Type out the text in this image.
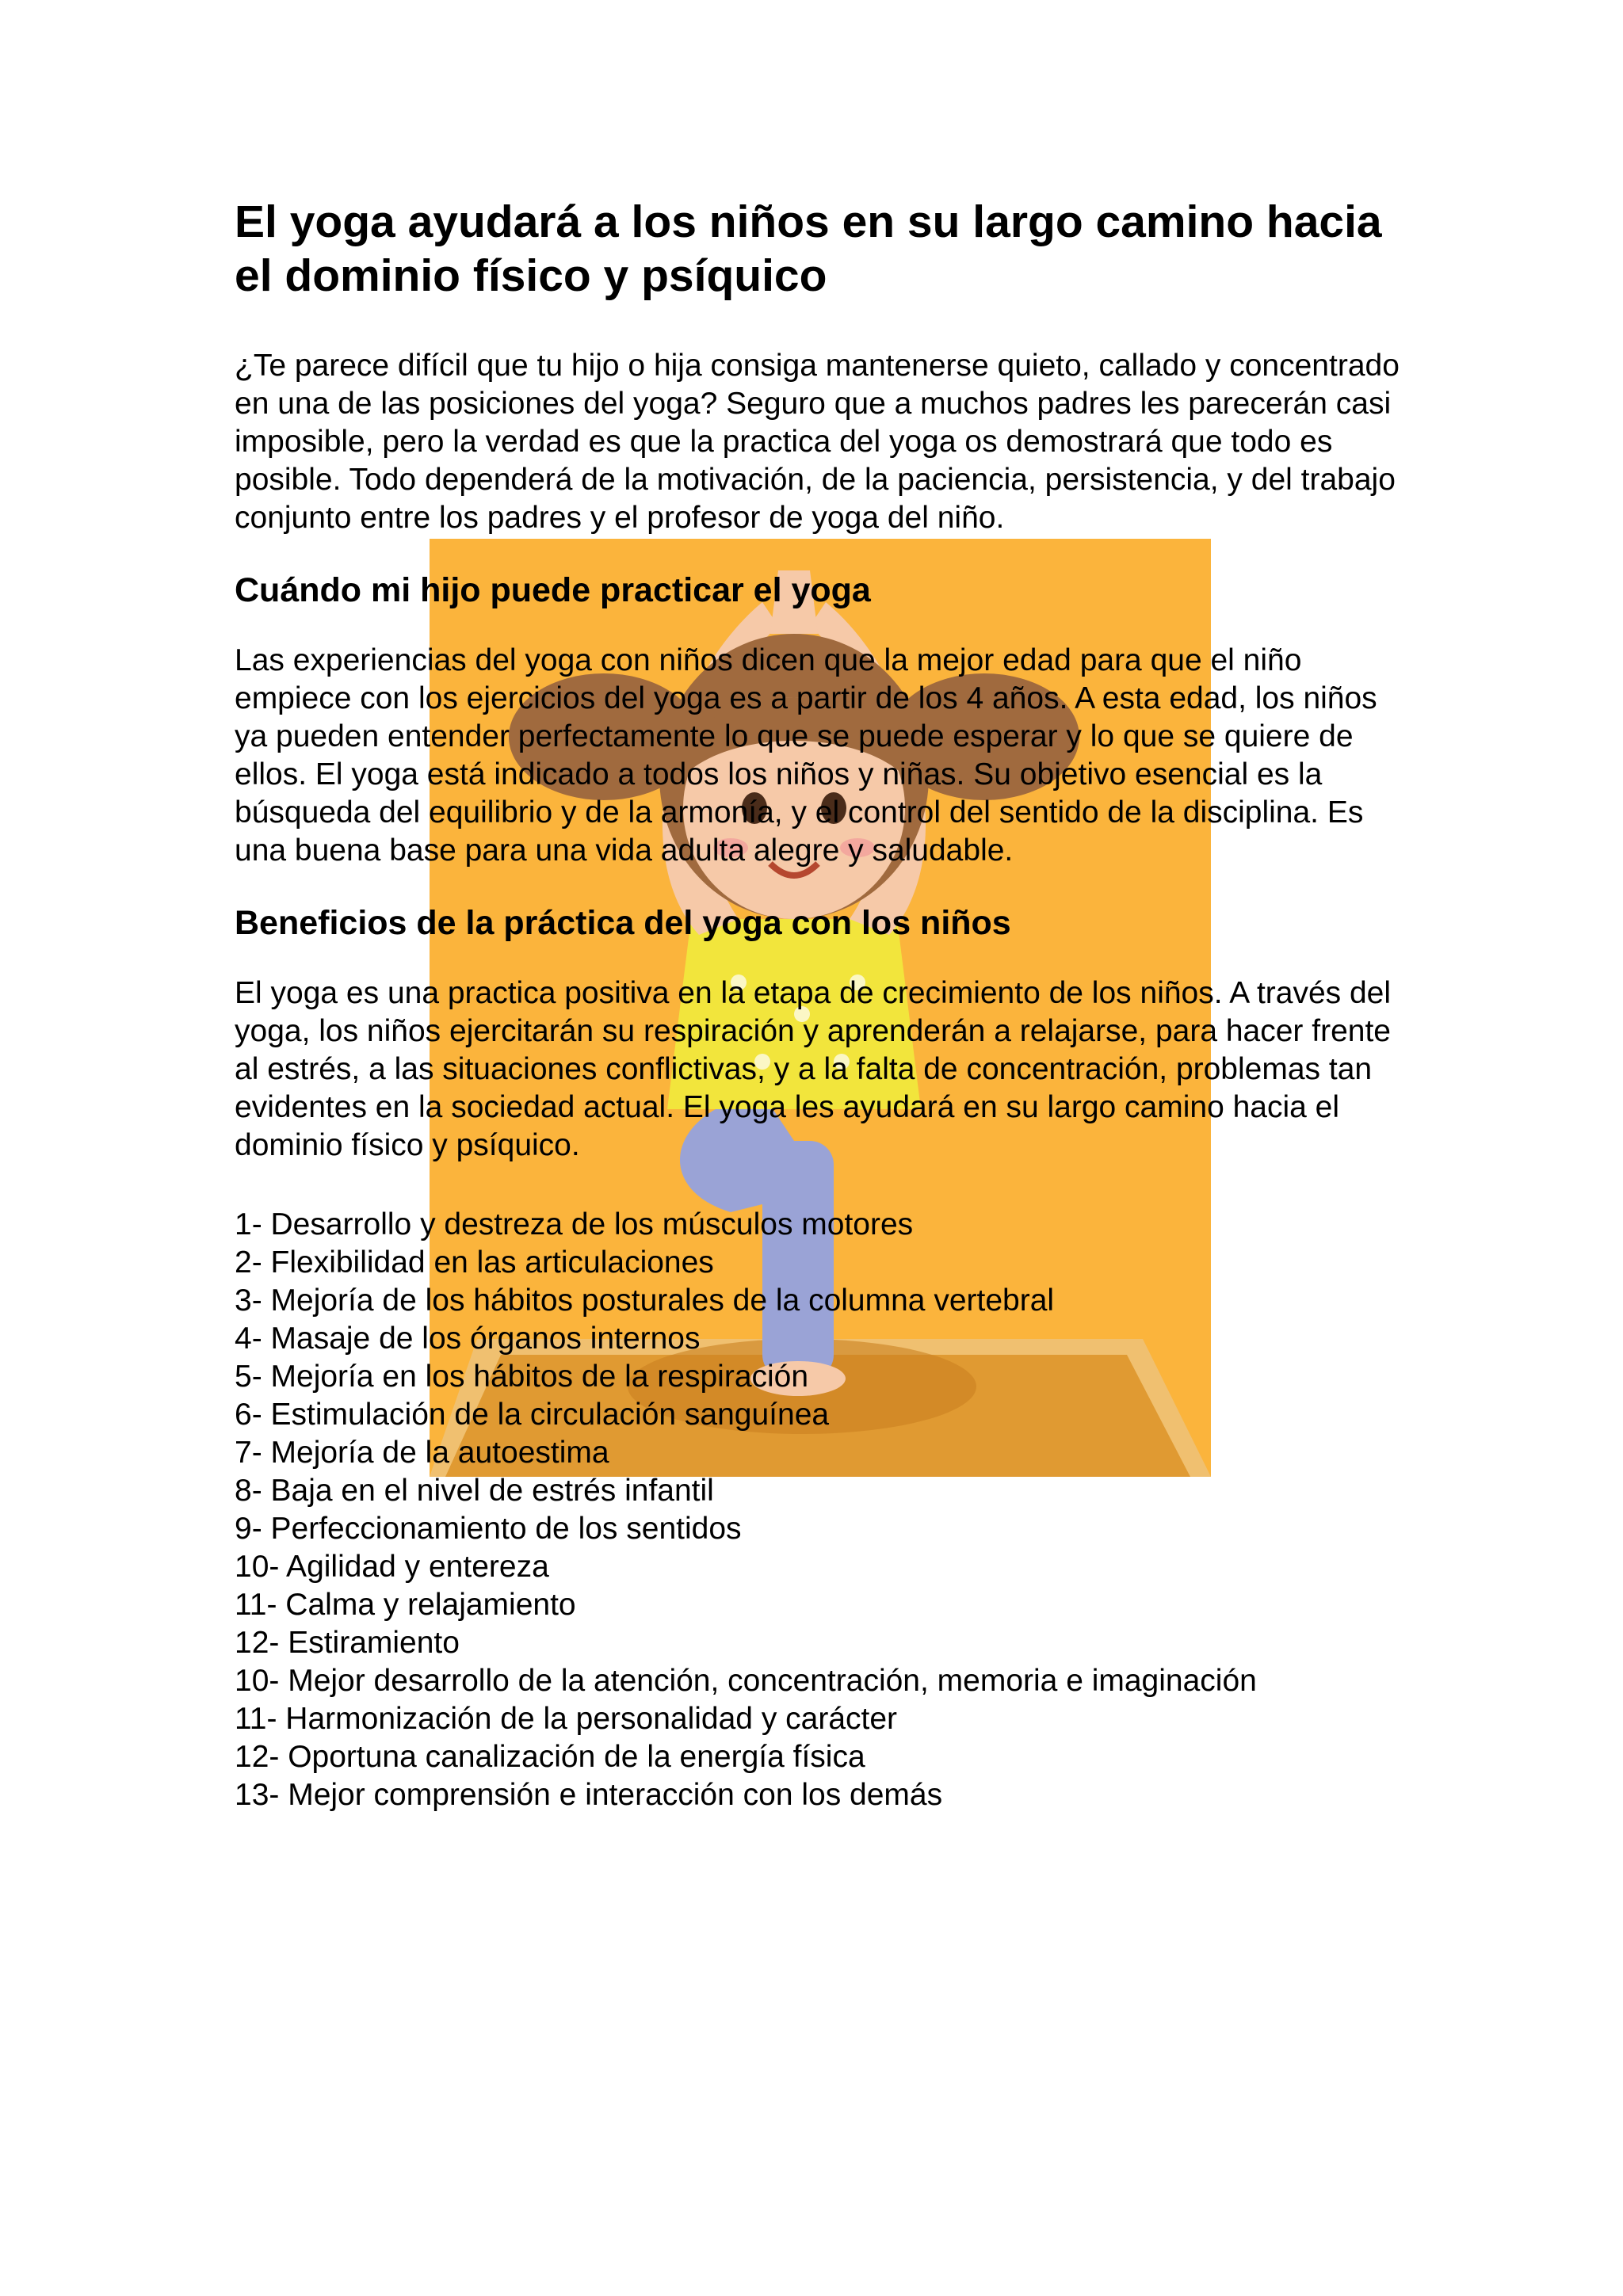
El yoga ayudará a los niños en su largo camino hacia el dominio físico y psíquico

¿Te parece difícil que tu hijo o hija consiga mantenerse quieto, callado y concentrado en una de las posiciones del yoga? Seguro que a muchos padres les parecerán casi imposible, pero la verdad es que la practica del yoga os demostrará que todo es posible. Todo dependerá de la motivación, de la paciencia, persistencia, y del trabajo conjunto entre los padres y el profesor de yoga del niño.

Cuándo mi hijo puede practicar el yoga

Las experiencias del yoga con niños dicen que la mejor edad para que el niño empiece con los ejercicios del yoga es a partir de los 4 años. A esta edad, los niños ya pueden entender perfectamente lo que se puede esperar y lo que se quiere de ellos. El yoga está indicado a todos los niños y niñas. Su objetivo esencial es la búsqueda del equilibrio y de la armonía, y el control del sentido de la disciplina. Es una buena base para una vida adulta alegre y saludable.

Beneficios de la práctica del yoga con los niños

El yoga es una practica positiva en la etapa de crecimiento de los niños. A través del yoga, los niños ejercitarán su respiración y aprenderán a relajarse, para hacer frente al estrés, a las situaciones conflictivas, y a la falta de concentración, problemas tan evidentes en la sociedad actual. El yoga les ayudará en su largo camino hacia el dominio físico y psíquico.

1- Desarrollo y destreza de los músculos motores
2- Flexibilidad en las articulaciones
3- Mejoría de los hábitos posturales de la columna vertebral
4- Masaje de los órganos internos
5- Mejoría en los hábitos de la respiración
6- Estimulación de la circulación sanguínea
7- Mejoría de la autoestima
8- Baja en el nivel de estrés infantil
9- Perfeccionamiento de los sentidos
10- Agilidad y entereza
11- Calma y relajamiento
12- Estiramiento
10- Mejor desarrollo de la atención, concentración, memoria e imaginación
11- Harmonización de la personalidad y carácter
12- Oportuna canalización de la energía física
13- Mejor comprensión e interacción con los demás
